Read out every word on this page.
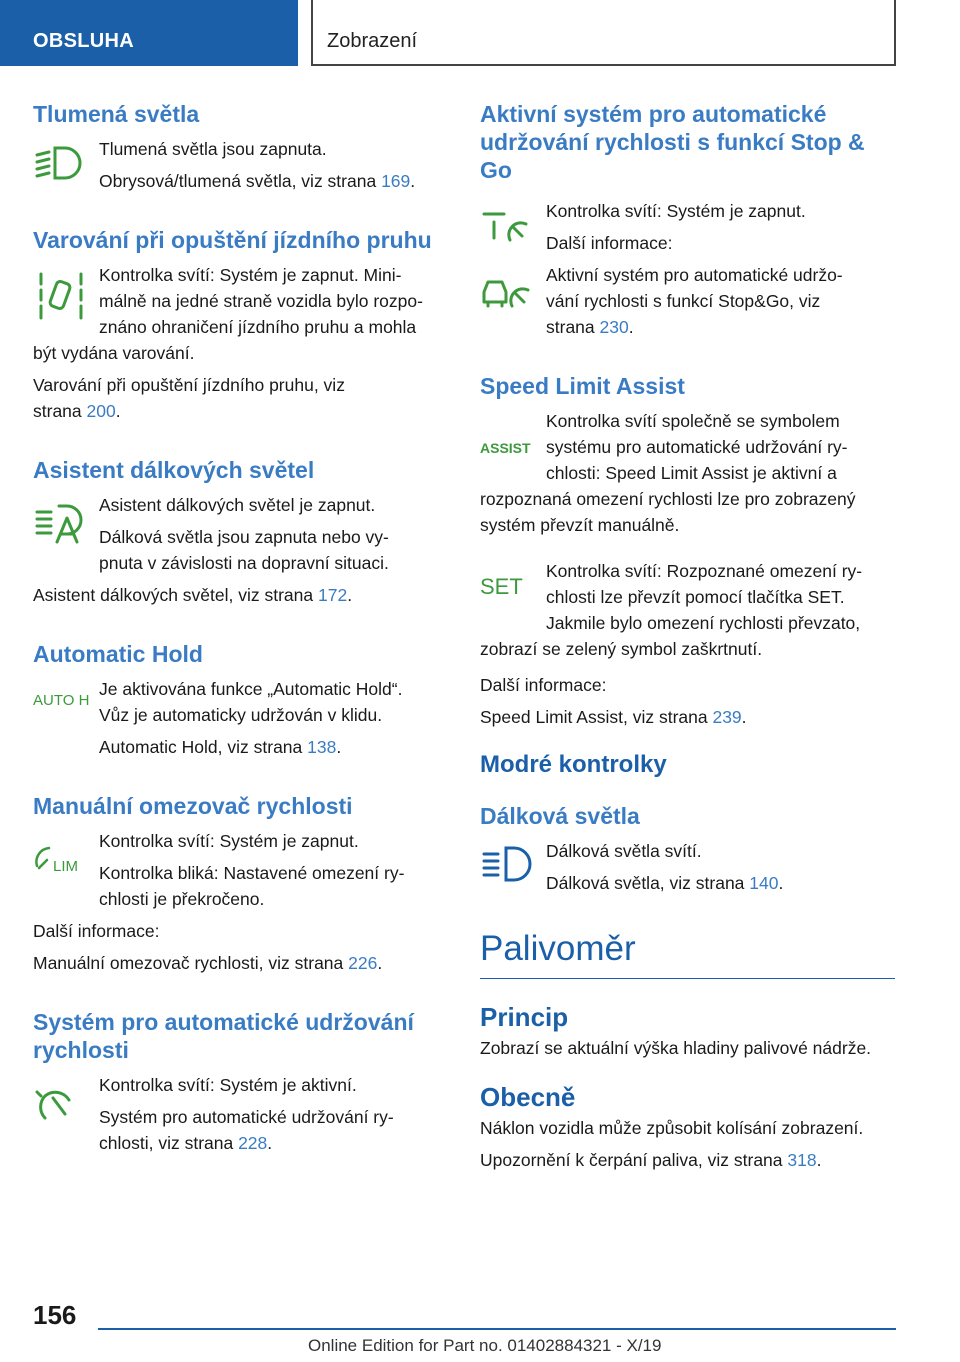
OBSLUHA	Zobrazení
Tlumená světla

Tlumená světla jsou zapnuta.

Obrysová/tlumená světla, viz strana 169.

Varování při opuštění jízdního pruhu

Kontrolka svítí: Systém je zapnut. Mini‐

málně na jedné straně vozidla bylo rozpo‐

znáno ohraničení jízdního pruhu a mohla

být vydána varování.

Varování při opuštění jízdního pruhu, viz

strana 200.

Asistent dálkových světel

Asistent dálkových světel je zapnut.

Dálková světla jsou zapnuta nebo vy‐

pnuta v závislosti na dopravní situaci.

Asistent dálkových světel, viz strana 172.

Automatic Hold
AUTO H

Je aktivována funkce „Automatic Hold“.

Vůz je automaticky udržován v klidu.

Automatic Hold, viz strana 138.

Manuální omezovač rychlosti
LIM

Kontrolka svítí: Systém je zapnut.

Kontrolka bliká: Nastavené omezení ry‐

chlosti je překročeno.

Další informace:

Manuální omezovač rychlosti, viz strana 226.

Systém pro automatické udržování
rychlosti

Kontrolka svítí: Systém je aktivní.

Systém pro automatické udržování ry‐

chlosti, viz strana 228.

Aktivní systém pro automatické
udržování rychlosti s funkcí Stop &
Go

Kontrolka svítí: Systém je zapnut.

Další informace:

Aktivní systém pro automatické udržo‐

vání rychlosti s funkcí Stop&Go, viz

strana 230.

Speed Limit Assist
ASSIST

Kontrolka svítí společně se symbolem

systému pro automatické udržování ry‐

chlosti: Speed Limit Assist je aktivní a

rozpoznaná omezení rychlosti lze pro zobrazený

systém převzít manuálně.

SET

Kontrolka svítí: Rozpoznané omezení ry‐

chlosti lze převzít pomocí tlačítka SET.

Jakmile bylo omezení rychlosti převzato,

zobrazí se zelený symbol zaškrtnutí.

Další informace:

Speed Limit Assist, viz strana 239.

Modré kontrolky
Dálková světla

Dálková světla svítí.

Dálková světla, viz strana 140.

Palivoměr
Princip

Zobrazí se aktuální výška hladiny palivové nádrže.

Obecně

Náklon vozidla může způsobit kolísání zobrazení.

Upozornění k čerpání paliva, viz strana 318.

156
Online Edition for Part no. 01402884321 - X/19
